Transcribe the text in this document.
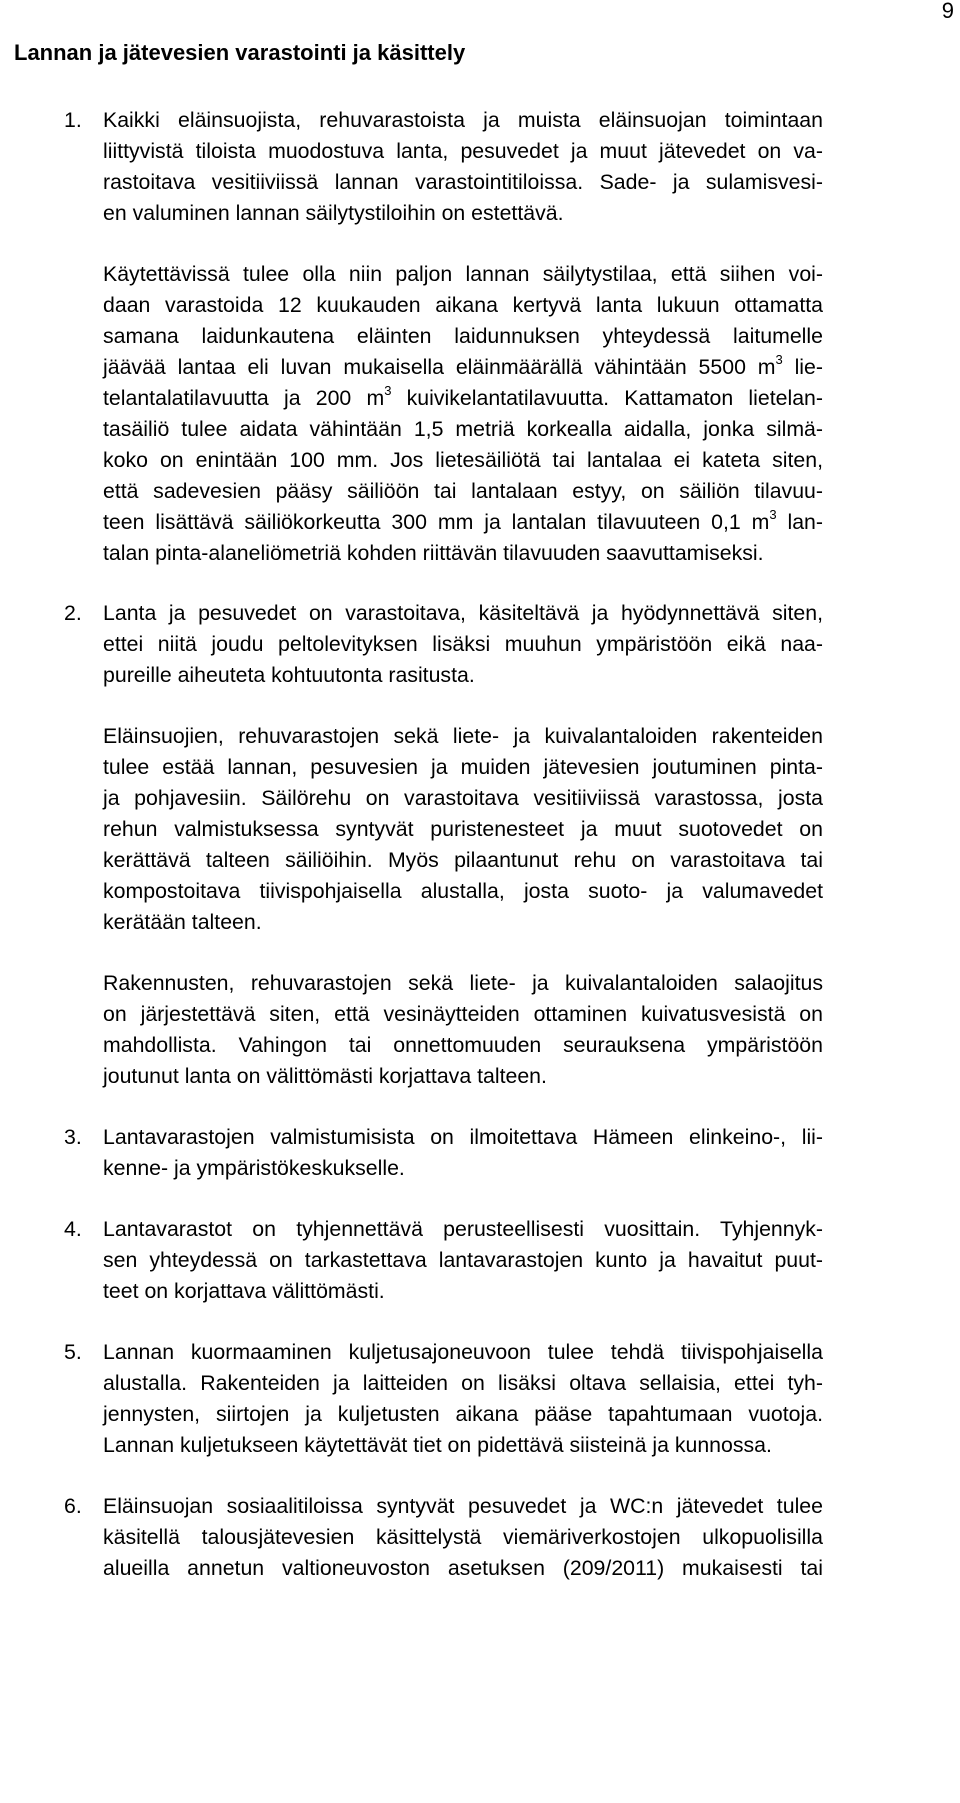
9
Lannan ja jätevesien varastointi ja käsittely
1. Kaikki eläinsuojista, rehuvarastoista ja muista eläinsuojan toimintaan
liittyvistä tiloista muodostuva lanta, pesuvedet ja muut jätevedet on va-
rastoitava vesitiiviissä lannan varastointitiloissa. Sade- ja sulamisvesi-
en valuminen lannan säilytystiloihin on estettävä.
Käytettävissä tulee olla niin paljon lannan säilytystilaa, että siihen voi-
daan varastoida 12 kuukauden aikana kertyvä lanta lukuun ottamatta
samana laidunkautena eläinten laidunnuksen yhteydessä laitumelle
jäävää lantaa eli luvan mukaisella eläinmäärällä vähintään 5500 $m^3$ lie-
telantalatilavuutta ja 200 $m^3$ kuivikelantatilavuutta. Kattamaton lietelan-
tasäiliö tulee aidata vähintään 1,5 metriä korkealla aidalla, jonka silmä-
koko on enintään 100 mm. Jos lietesäiliötä tai lantalaa ei kateta siten,
että sadevesien pääsy säiliöön tai lantalaan estyy, on säiliön tilavuu-
teen lisättävä säiliökorkeutta 300 mm ja lantalan tilavuuteen 0,1 $m^3$ lan-
talan pinta-alaneliömetriä kohden riittävän tilavuuden saavuttamiseksi.
2. Lanta ja pesuvedet on varastoitava, käsiteltävä ja hyödynnettävä siten,
ettei niitä joudu peltolevityksen lisäksi muuhun ympäristöön eikä naa-
pureille aiheuteta kohtuutonta rasitusta.
Eläinsuojien, rehuvarastojen sekä liete- ja kuivalantaloiden rakenteiden
tulee estää lannan, pesuvesien ja muiden jätevesien joutuminen pinta-
ja pohjavesiin. Säilörehu on varastoitava vesitiiviissä varastossa, josta
rehun valmistuksessa syntyvät puristenesteet ja muut suotovedet on
kerättävä talteen säiliöihin. Myös pilaantunut rehu on varastoitava tai
kompostoitava tiivispohjaisella alustalla, josta suoto- ja valumavedet
kerätään talteen.
Rakennusten, rehuvarastojen sekä liete- ja kuivalantaloiden salaojitus
on järjestettävä siten, että vesinäytteiden ottaminen kuivatusvesistä on
mahdollista. Vahingon tai onnettomuuden seurauksena ympäristöön
joutunut lanta on välittömästi korjattava talteen.
3. Lantavarastojen valmistumisista on ilmoitettava Hämeen elinkeino-, lii-
kenne- ja ympäristökeskukselle.
4. Lantavarastot on tyhjennettävä perusteellisesti vuosittain. Tyhjennyk-
sen yhteydessä on tarkastettava lantavarastojen kunto ja havaitut puut-
teet on korjattava välittömästi.
5. Lannan kuormaaminen kuljetusajoneuvoon tulee tehdä tiivispohjaisella
alustalla. Rakenteiden ja laitteiden on lisäksi oltava sellaisia, ettei tyh-
jennysten, siirtojen ja kuljetusten aikana pääse tapahtumaan vuotoja.
Lannan kuljetukseen käytettävät tiet on pidettävä siisteinä ja kunnossa.
6. Eläinsuojan sosiaalitiloissa syntyvät pesuvedet ja WC:n jätevedet tulee
käsitellä talousjätevesien käsittelystä viemäriverkostojen ulkopuolisilla
alueilla annetun valtioneuvoston asetuksen (209/2011) mukaisesti tai
